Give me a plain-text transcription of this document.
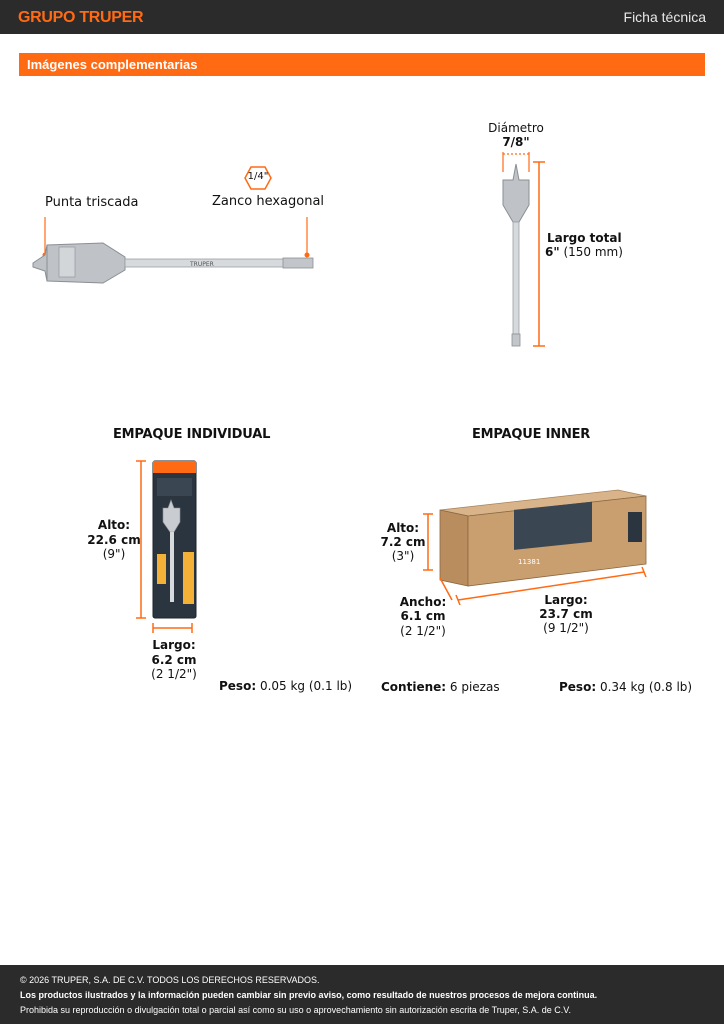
GRUPO TRUPER	Ficha técnica
Imágenes complementarias
Punta triscada	Zanco hexagonal
1/4"
TRUPER
Diámetro
7/8"
Largo total
6" (150 mm)
EMPAQUE INDIVIDUAL
Alto:
22.6 cm
(9")
Largo:
6.2 cm
(2 1/2")
Peso: 0.05 kg (0.1 lb)
EMPAQUE INNER
Alto:
7.2 cm
(3")	11381
Ancho:
6.1 cm
(2 1/2")
Largo:
23.7 cm
(9 1/2")
Contiene: 6 piezas	Peso: 0.34 kg (0.8 lb)

© 2026 TRUPER, S.A. DE C.V. TODOS LOS DERECHOS RESERVADOS.

Los productos ilustrados y la información pueden cambiar sin previo aviso, como resultado de nuestros procesos de mejora continua.

Prohibida su reproducción o divulgación total o parcial así como su uso o aprovechamiento sin autorización escrita de Truper, S.A. de C.V.
